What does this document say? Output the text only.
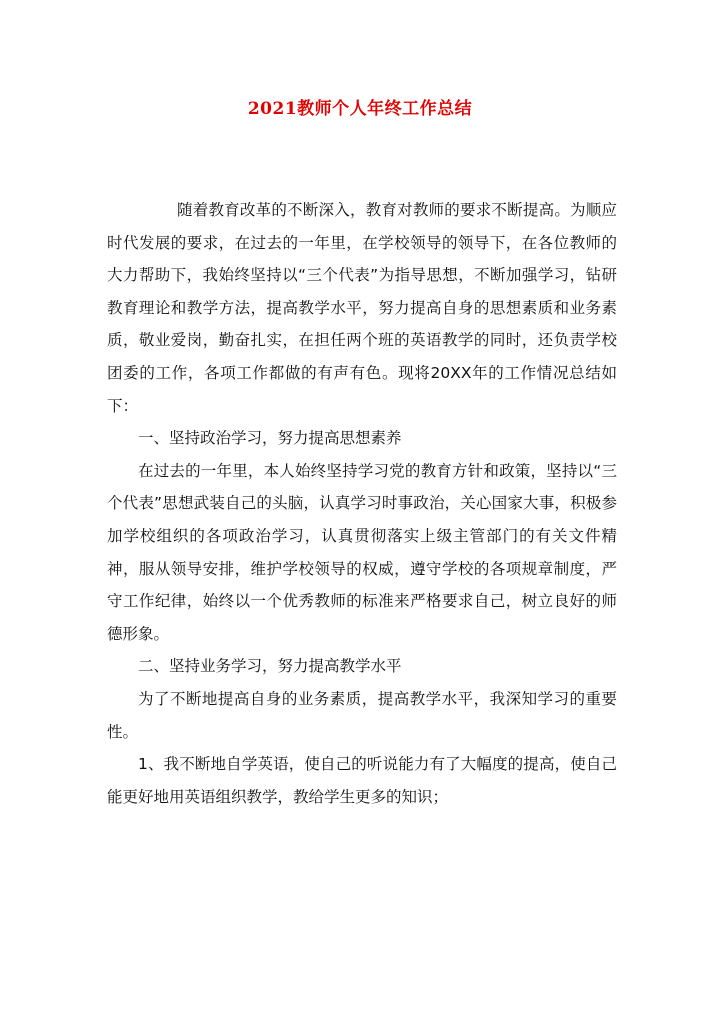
2021教师个人年终工作总结

随着教育改革的不断深入，教育对教师的要求不断提高。为顺应时代发展的要求，在过去的一年里，在学校领导的领导下，在各位教师的大力帮助下，我始终坚持以“三个代表”为指导思想，不断加强学习，钻研教育理论和教学方法，提高教学水平，努力提高自身的思想素质和业务素质，敬业爱岗，勤奋扎实，在担任两个班的英语教学的同时，还负责学校团委的工作，各项工作都做的有声有色。现将20XX年的工作情况总结如下：

一、坚持政治学习，努力提高思想素养

在过去的一年里，本人始终坚持学习党的教育方针和政策，坚持以“三个代表”思想武装自己的头脑，认真学习时事政治，关心国家大事，积极参加学校组织的各项政治学习，认真贯彻落实上级主管部门的有关文件精神，服从领导安排，维护学校领导的权威，遵守学校的各项规章制度，严守工作纪律，始终以一个优秀教师的标准来严格要求自己，树立良好的师德形象。

二、坚持业务学习，努力提高教学水平

为了不断地提高自身的业务素质，提高教学水平，我深知学习的重要性。

1、我不断地自学英语，使自己的听说能力有了大幅度的提高，使自己能更好地用英语组织教学，教给学生更多的知识；
